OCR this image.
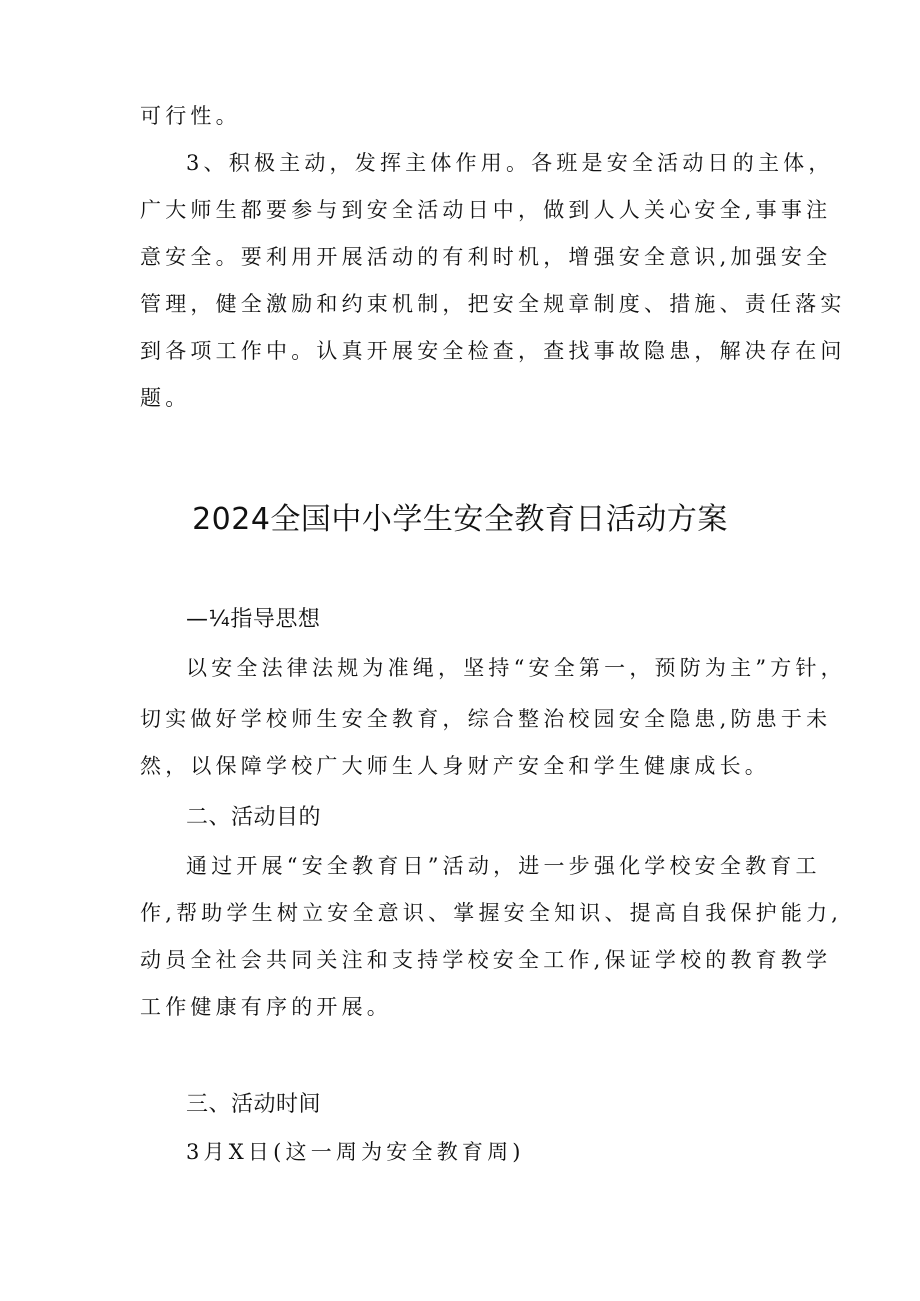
可行性。
3、积极主动，发挥主体作用。各班是安全活动日的主体，
广大师生都要参与到安全活动日中，做到人人关心安全,事事注
意安全。要利用开展活动的有利时机，增强安全意识,加强安全
管理，健全激励和约束机制，把安全规章制度、措施、责任落实
到各项工作中。认真开展安全检查，查找事故隐患，解决存在问
题。
2024全国中小学生安全教育日活动方案
—¼指导思想
以安全法律法规为准绳，坚持“安全第一，预防为主”方针，
切实做好学校师生安全教育，综合整治校园安全隐患,防患于未
然，以保障学校广大师生人身财产安全和学生健康成长。
二、活动目的
通过开展“安全教育日”活动，进一步强化学校安全教育工
作,帮助学生树立安全意识、掌握安全知识、提高自我保护能力,
动员全社会共同关注和支持学校安全工作,保证学校的教育教学
工作健康有序的开展。
三、活动时间
3月X日(这一周为安全教育周)
